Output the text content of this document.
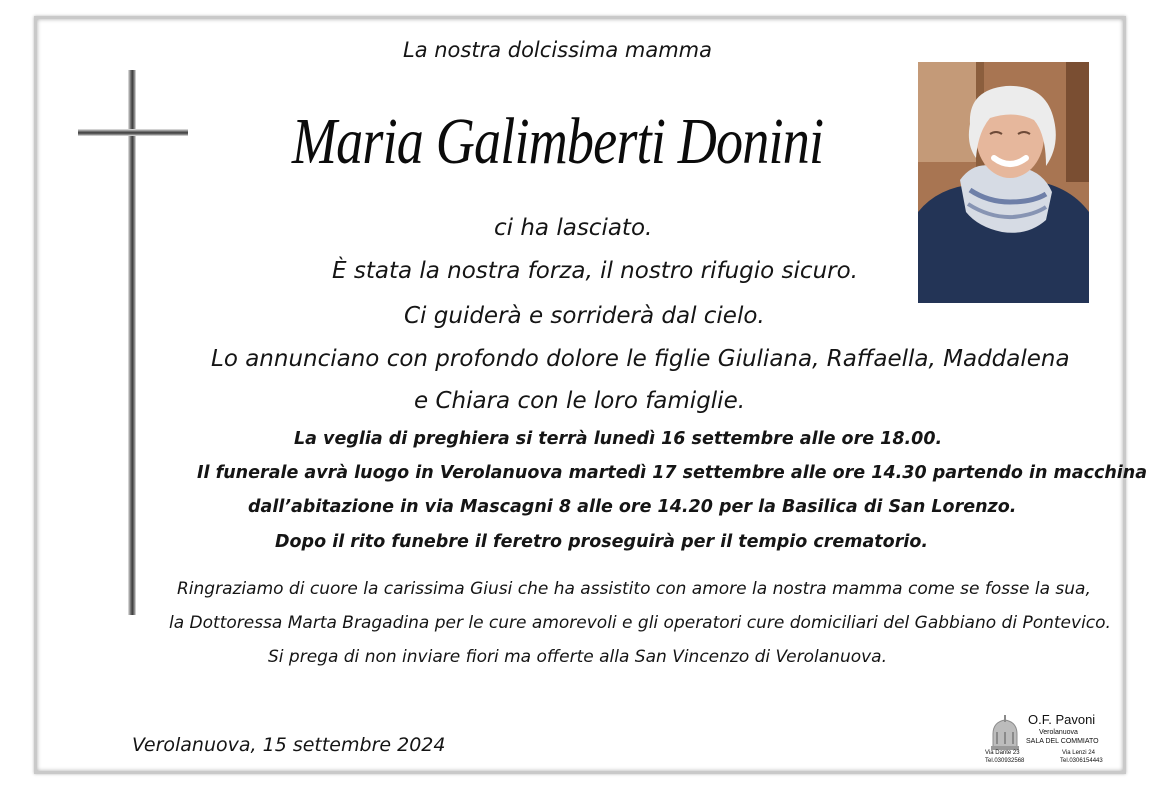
La nostra dolcissima mamma
Maria Galimberti Donini
ci ha lasciato.
È stata la nostra forza, il nostro rifugio sicuro.
Ci guiderà e sorriderà dal cielo.
Lo annunciano con profondo dolore le figlie Giuliana, Raffaella, Maddalena
e Chiara con le loro famiglie.
La veglia di preghiera si terrà lunedì 16 settembre alle ore 18.00.
Il funerale avrà luogo in Verolanuova martedì 17 settembre alle ore 14.30 partendo in macchina
dall’abitazione in via Mascagni 8 alle ore 14.20 per la Basilica di San Lorenzo.
Dopo il rito funebre il feretro proseguirà per il tempio crematorio.
Ringraziamo di cuore la carissima Giusi che ha assistito con amore la nostra mamma come se fosse la sua,
la Dottoressa Marta Bragadina per le cure amorevoli e gli operatori cure domiciliari del Gabbiano di Pontevico.
Si prega di non inviare fiori ma offerte alla San Vincenzo di Verolanuova.
Verolanuova, 15 settembre 2024
O.F. Pavoni
Verolanuova
SALA DEL COMMIATO
Via Dante 23
Tel.030932568
Via Lenzi 24
Tel.0306154443
